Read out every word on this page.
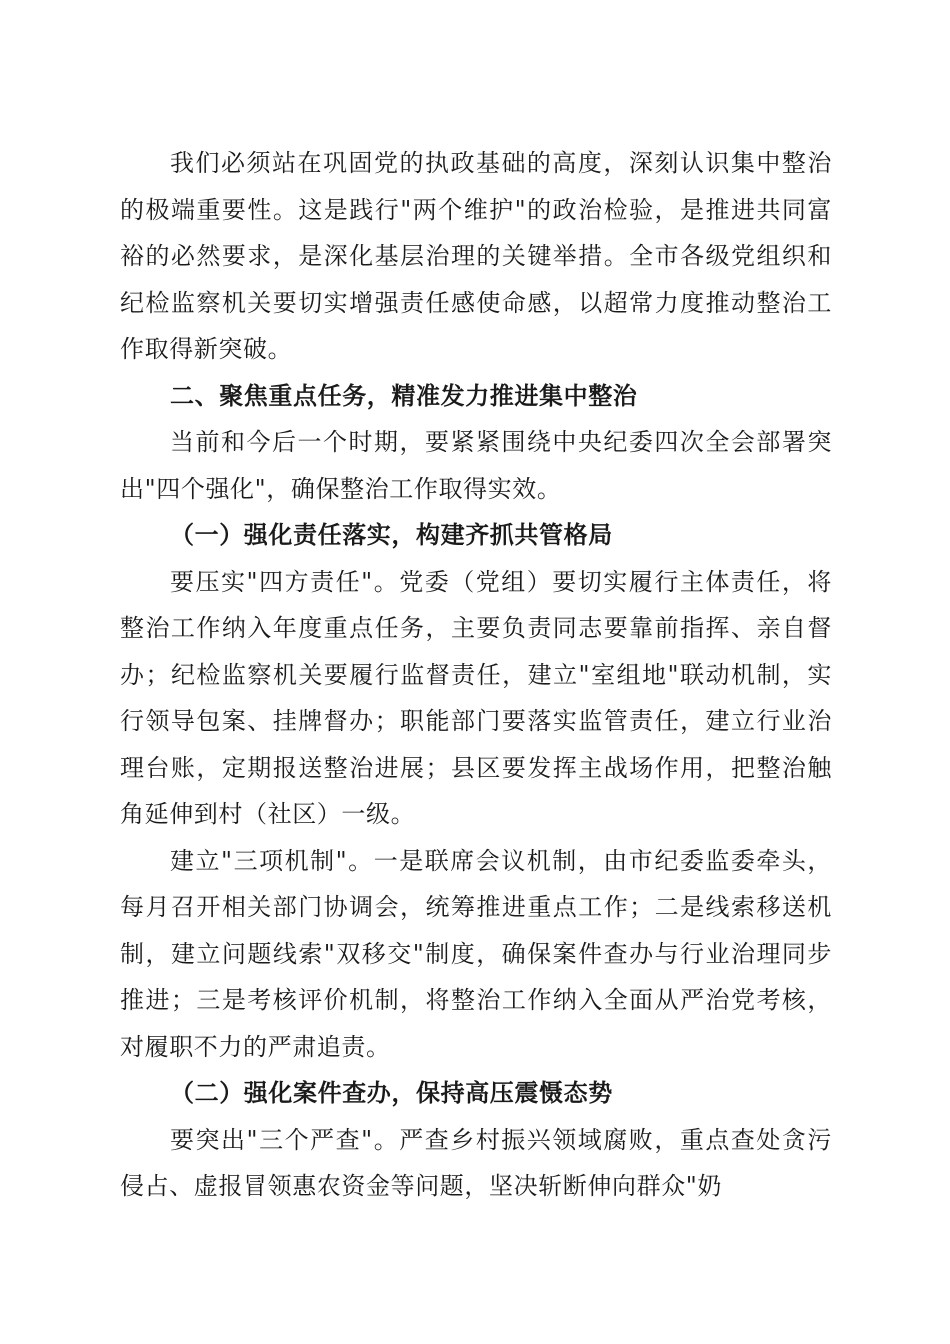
我们必须站在巩固党的执政基础的高度，深刻认识集中整治的极端重要性。这是践行"两个维护"的政治检验，是推进共同富裕的必然要求，是深化基层治理的关键举措。全市各级党组织和纪检监察机关要切实增强责任感使命感，以超常力度推动整治工作取得新突破。

二、聚焦重点任务，精准发力推进集中整治

当前和今后一个时期，要紧紧围绕中央纪委四次全会部署突出"四个强化"，确保整治工作取得实效。

（一）强化责任落实，构建齐抓共管格局

要压实"四方责任"。党委（党组）要切实履行主体责任，将整治工作纳入年度重点任务，主要负责同志要靠前指挥、亲自督办；纪检监察机关要履行监督责任，建立"室组地"联动机制，实行领导包案、挂牌督办；职能部门要落实监管责任，建立行业治理台账，定期报送整治进展；县区要发挥主战场作用，把整治触角延伸到村（社区）一级。

建立"三项机制"。一是联席会议机制，由市纪委监委牵头，每月召开相关部门协调会，统筹推进重点工作；二是线索移送机制，建立问题线索"双移交"制度，确保案件查办与行业治理同步推进；三是考核评价机制，将整治工作纳入全面从严治党考核，对履职不力的严肃追责。

（二）强化案件查办，保持高压震慑态势

要突出"三个严查"。严查乡村振兴领域腐败，重点查处贪污侵占、虚报冒领惠农资金等问题，坚决斩断伸向群众"奶
